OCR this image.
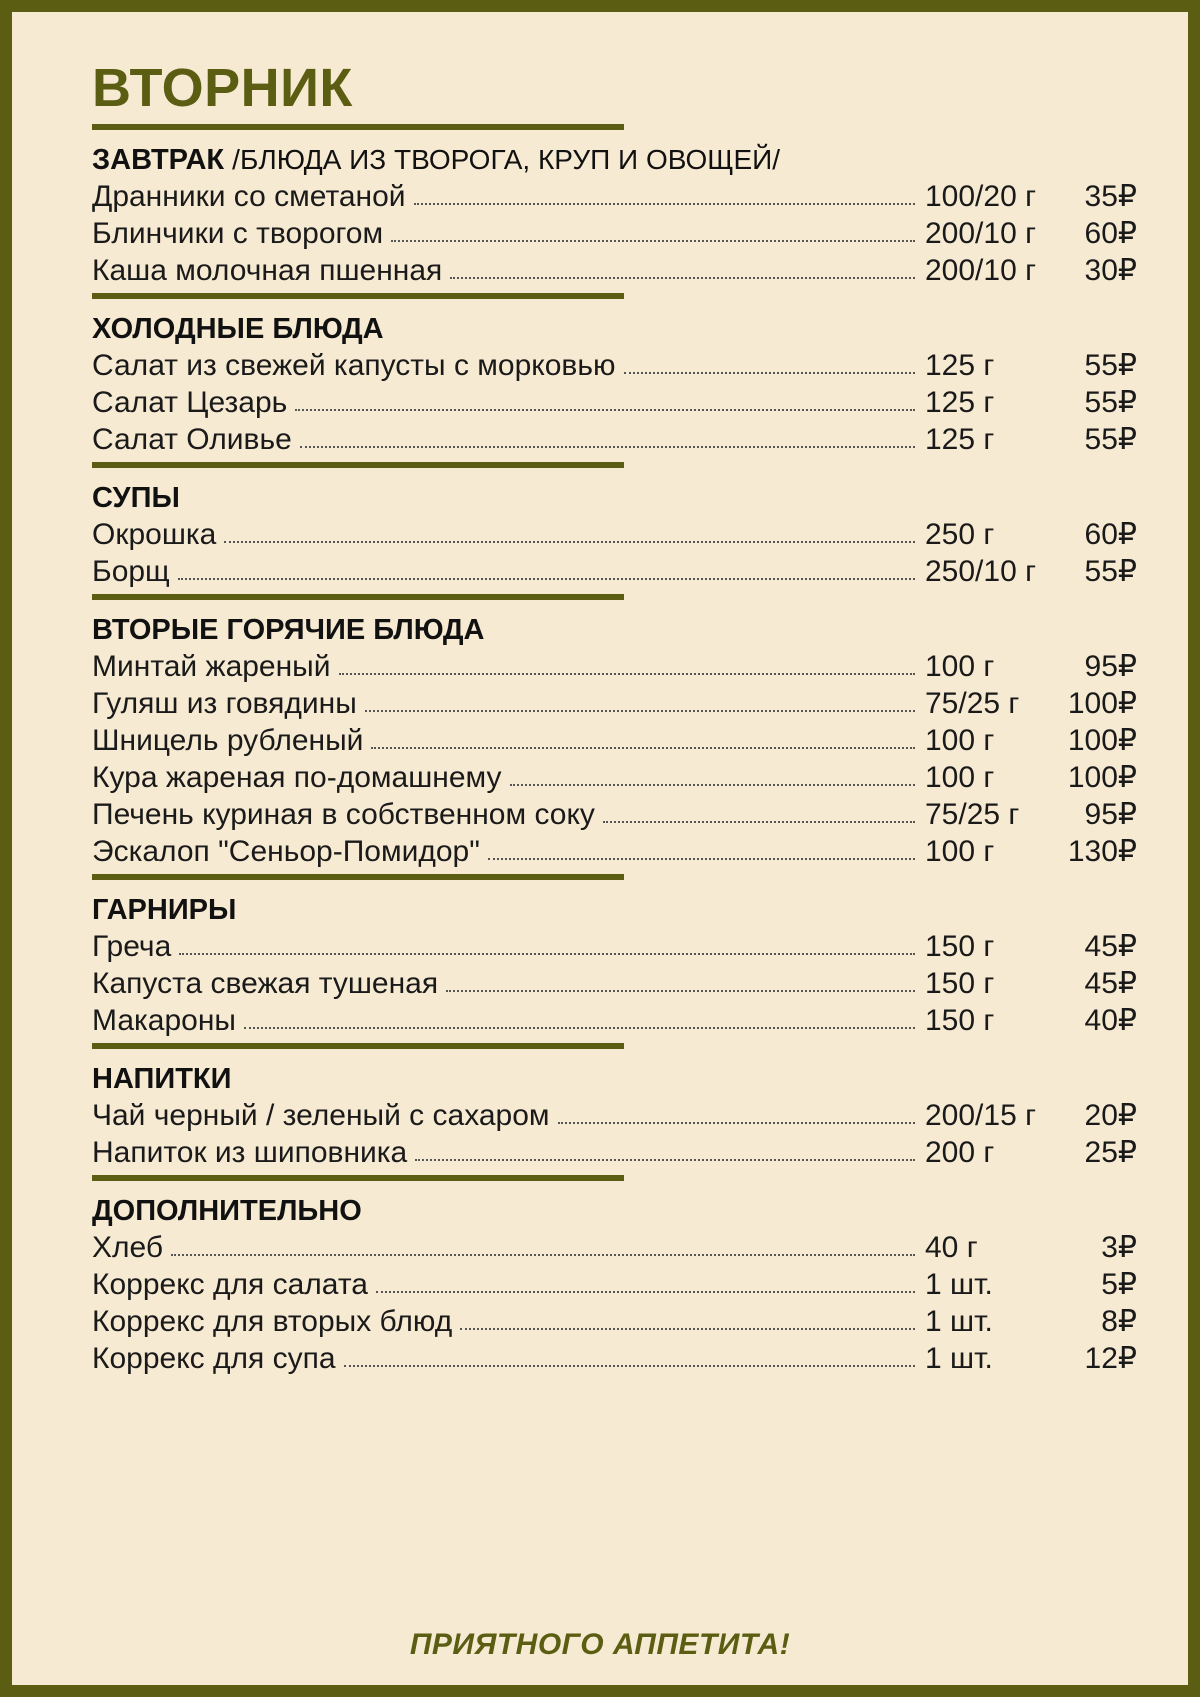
ВТОРНИК
ЗАВТРАК /БЛЮДА ИЗ ТВОРОГА, КРУП И ОВОЩЕЙ/
Дранники со сметаной	100/20 г 35₽
Блинчики с творогом	200/10 г 60₽
Каша молочная пшенная	200/10 г 30₽
ХОЛОДНЫЕ БЛЮДА
Салат из свежей капусты с морковью	125 г	55₽
Салат Цезарь	125 г	55₽
Салат Оливье	125 г	55₽
СУПЫ
Окрошка	250 г	60₽
Борщ	250/10 г 55₽
ВТОРЫЕ ГОРЯЧИЕ БЛЮДА
Минтай жареный	100 г	95₽
Гуляш из говядины	75/25 г 100₽
Шницель рубленый	100 г 100₽
Кура жареная по-домашнему	100 г 100₽
Печень куриная в собственном соку	75/25 г 95₽
Эскалоп "Сеньор-Помидор"	100 г 130₽
ГАРНИРЫ
Греча	150 г	45₽
Капуста свежая тушеная	150 г	45₽
Макароны	150 г	40₽
НАПИТКИ
Чай черный / зеленый с сахаром	200/15 г 20₽
Напиток из шиповника	200 г	25₽
ДОПОЛНИТЕЛЬНО
Хлеб	40 г	3₽
Коррекс для салата	1 шт.	5₽
Коррекс для вторых блюд	1 шт.	8₽
Коррекс для супа	1 шт.	12₽
ПРИЯТНОГО АППЕТИТА!
